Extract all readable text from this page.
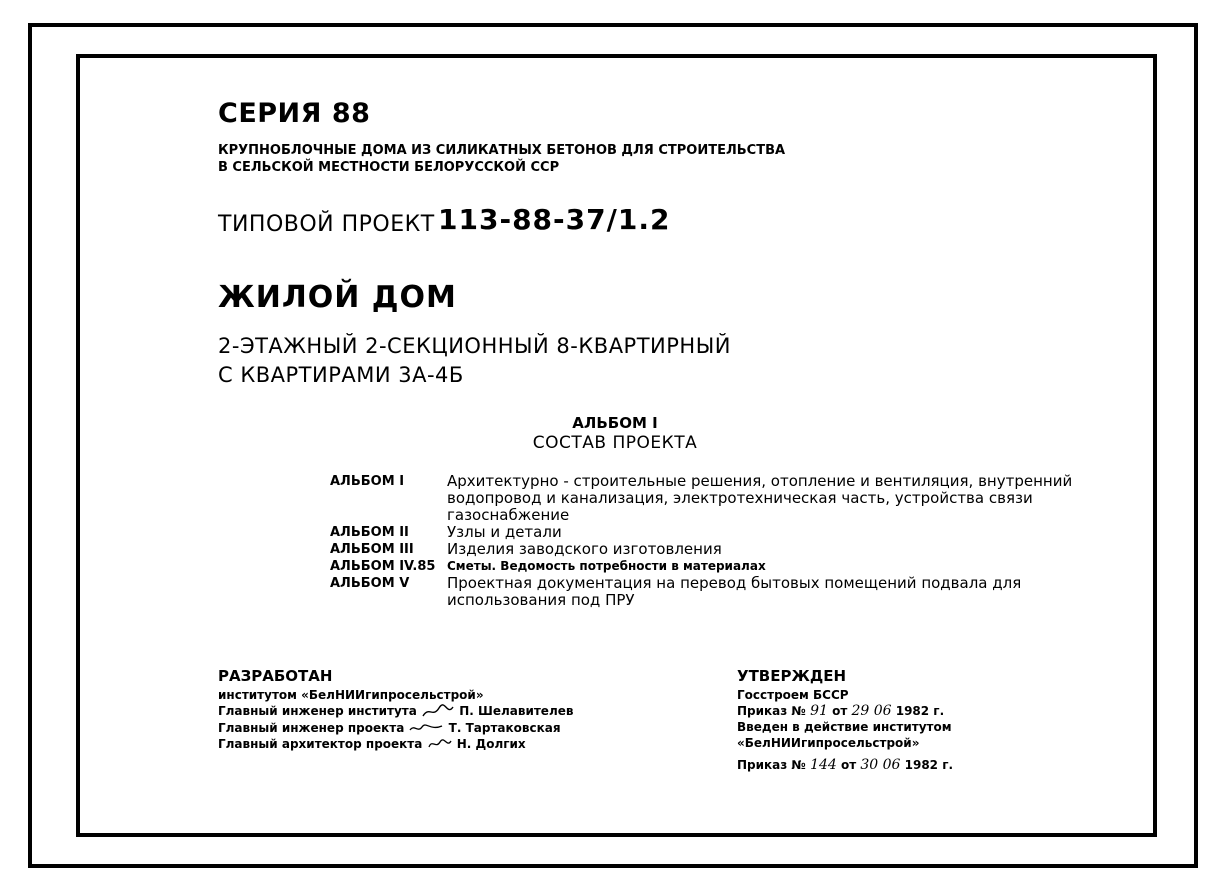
СЕРИЯ 88
КРУПНОБЛОЧНЫЕ ДОМА ИЗ СИЛИКАТНЫХ БЕТОНОВ ДЛЯ СТРОИТЕЛЬСТВА
В СЕЛЬСКОЙ МЕСТНОСТИ БЕЛОРУССКОЙ ССР
ТИПОВОЙ ПРОЕКТ 113-88-37/1.2
ЖИЛОЙ ДОМ
2-ЭТАЖНЫЙ 2-СЕКЦИОННЫЙ 8-КВАРТИРНЫЙ
С КВАРТИРАМИ 3А-4Б
АЛЬБОМ I
СОСТАВ ПРОЕКТА
АЛЬБОМ I	Архитектурно - строительные решения, отопление и вентиляция, внутренний водопровод и канализация, электротехническая часть, устройства связи газоснабжение
АЛЬБОМ II	Узлы и детали
АЛЬБОМ III	Изделия заводского изготовления
АЛЬБОМ IV.85 Сметы. Ведомость потребности в материалах
АЛЬБОМ V	Проектная документация на перевод бытовых помещений подвала для использования под ПРУ
РАЗРАБОТАН
институтом «БелНИИгипросельстрой»
Главный инженер института	П. Шелавителев
Главный инженер проекта	Т. Тартаковская
Главный архитектор проекта	Н. Долгих
УТВЕРЖДЕН
Госстроем БССР
Приказ № 91 от 29 06 1982 г.
Введен в действие институтом
«БелНИИгипросельстрой»
Приказ № 144 от 30 06 1982 г.
